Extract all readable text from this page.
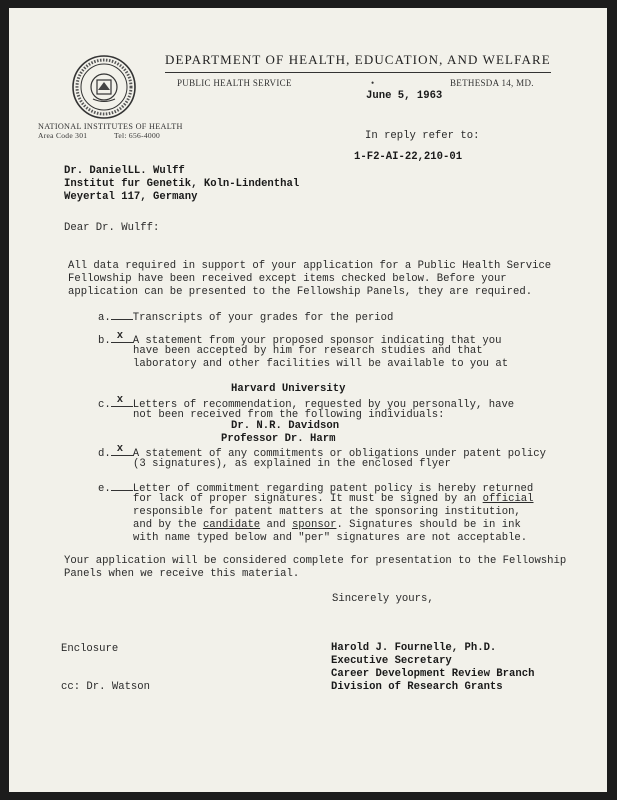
DEPARTMENT OF HEALTH, EDUCATION, AND WELFARE
PUBLIC HEALTH SERVICE	•	BETHESDA 14, MD.
NATIONAL INSTITUTES OF HEALTH
Area Code 301	Tel: 656-4000
June 5, 1963
In reply refer to:
1-F2-AI-22,210-01
Dr. DanielLL. Wulff
Institut fur Genetik, Koln-Lindenthal
Weyertal 117, Germany
Dear Dr. Wulff:
All data required in support of your application for a Public Health Service
Fellowship have been received except items checked below. Before your
application can be presented to the Fellowship Panels, they are required.
a. Transcripts of your grades for the period
b. x A statement from your proposed sponsor indicating that you
have been accepted by him for research studies and that
laboratory and other facilities will be available to you at
Harvard University
c. x Letters of recommendation, requested by you personally, have
not been received from the following individuals:
Dr. N.R. Davidson
Professor Dr. Harm
d. x A statement of any commitments or obligations under patent policy
(3 signatures), as explained in the enclosed flyer
e. Letter of commitment regarding patent policy is hereby returned
for lack of proper signatures. It must be signed by an official
responsible for patent matters at the sponsoring institution,
and by the candidate and sponsor. Signatures should be in ink
with name typed below and "per" signatures are not acceptable.
Your application will be considered complete for presentation to the Fellowship
Panels when we receive this material.
Sincerely yours,
Harold J. Fournelle, Ph.D.
Executive Secretary
Career Development Review Branch
Division of Research Grants
Enclosure
cc: Dr. Watson
